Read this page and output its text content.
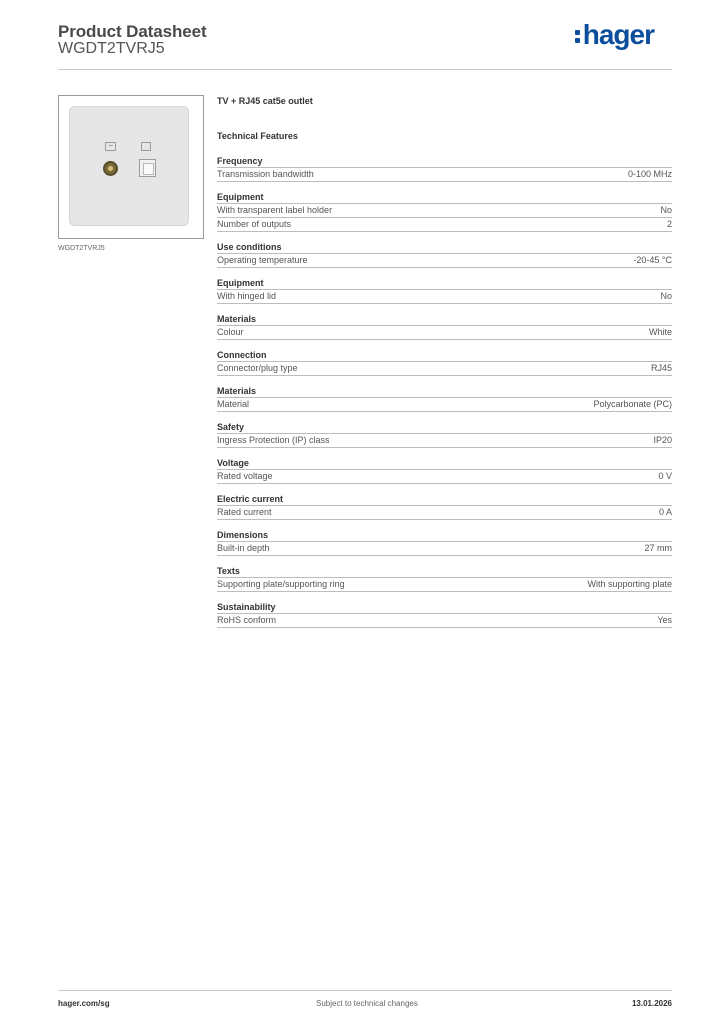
Product Datasheet
WGDT2TVRJ5	hager
WGDT2TVRJ5
TV + RJ45 cat5e outlet
Technical Features
Frequency
Transmission bandwidth	0-100 MHz
Equipment
With transparent label holder	No
Number of outputs	2
Use conditions
Operating temperature	-20-45 °C
Equipment
With hinged lid	No
Materials
Colour	White
Connection
Connector/plug type	RJ45
Materials
Material	Polycarbonate (PC)
Safety
Ingress Protection (IP) class	IP20
Voltage
Rated voltage	0 V
Electric current
Rated current	0 A
Dimensions
Built-in depth	27 mm
Texts
Supporting plate/supporting ring	With supporting plate
Sustainability
RoHS conform	Yes
hager.com/sg	Subject to technical changes	13.01.2026
